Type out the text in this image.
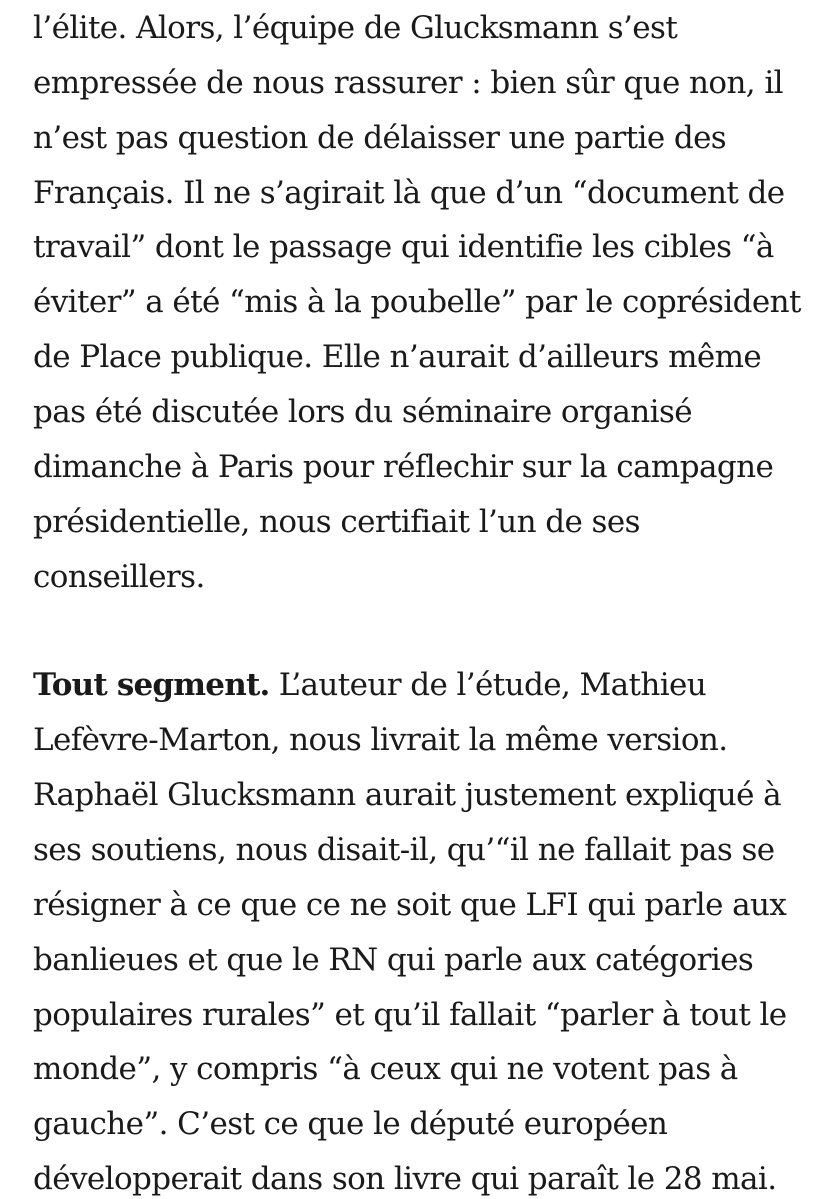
l’élite. Alors, l’équipe de Glucksmann s’est
empressée de nous rassurer : bien sûr que non, il
n’est pas question de délaisser une partie des
Français. Il ne s’agirait là que d’un “document de
travail” dont le passage qui identifie les cibles “à
éviter” a été “mis à la poubelle” par le coprésident
de Place publique. Elle n’aurait d’ailleurs même
pas été discutée lors du séminaire organisé
dimanche à Paris pour réflechir sur la campagne
présidentielle, nous certifiait l’un de ses
conseillers.
Tout segment. L’auteur de l’étude, Mathieu
Lefèvre-Marton, nous livrait la même version.
Raphaël Glucksmann aurait justement expliqué à
ses soutiens, nous disait-il, qu’“il ne fallait pas se
résigner à ce que ce ne soit que LFI qui parle aux
banlieues et que le RN qui parle aux catégories
populaires rurales” et qu’il fallait “parler à tout le
monde”, y compris “à ceux qui ne votent pas à
gauche”. C’est ce que le député européen
développerait dans son livre qui paraît le 28 mai.
